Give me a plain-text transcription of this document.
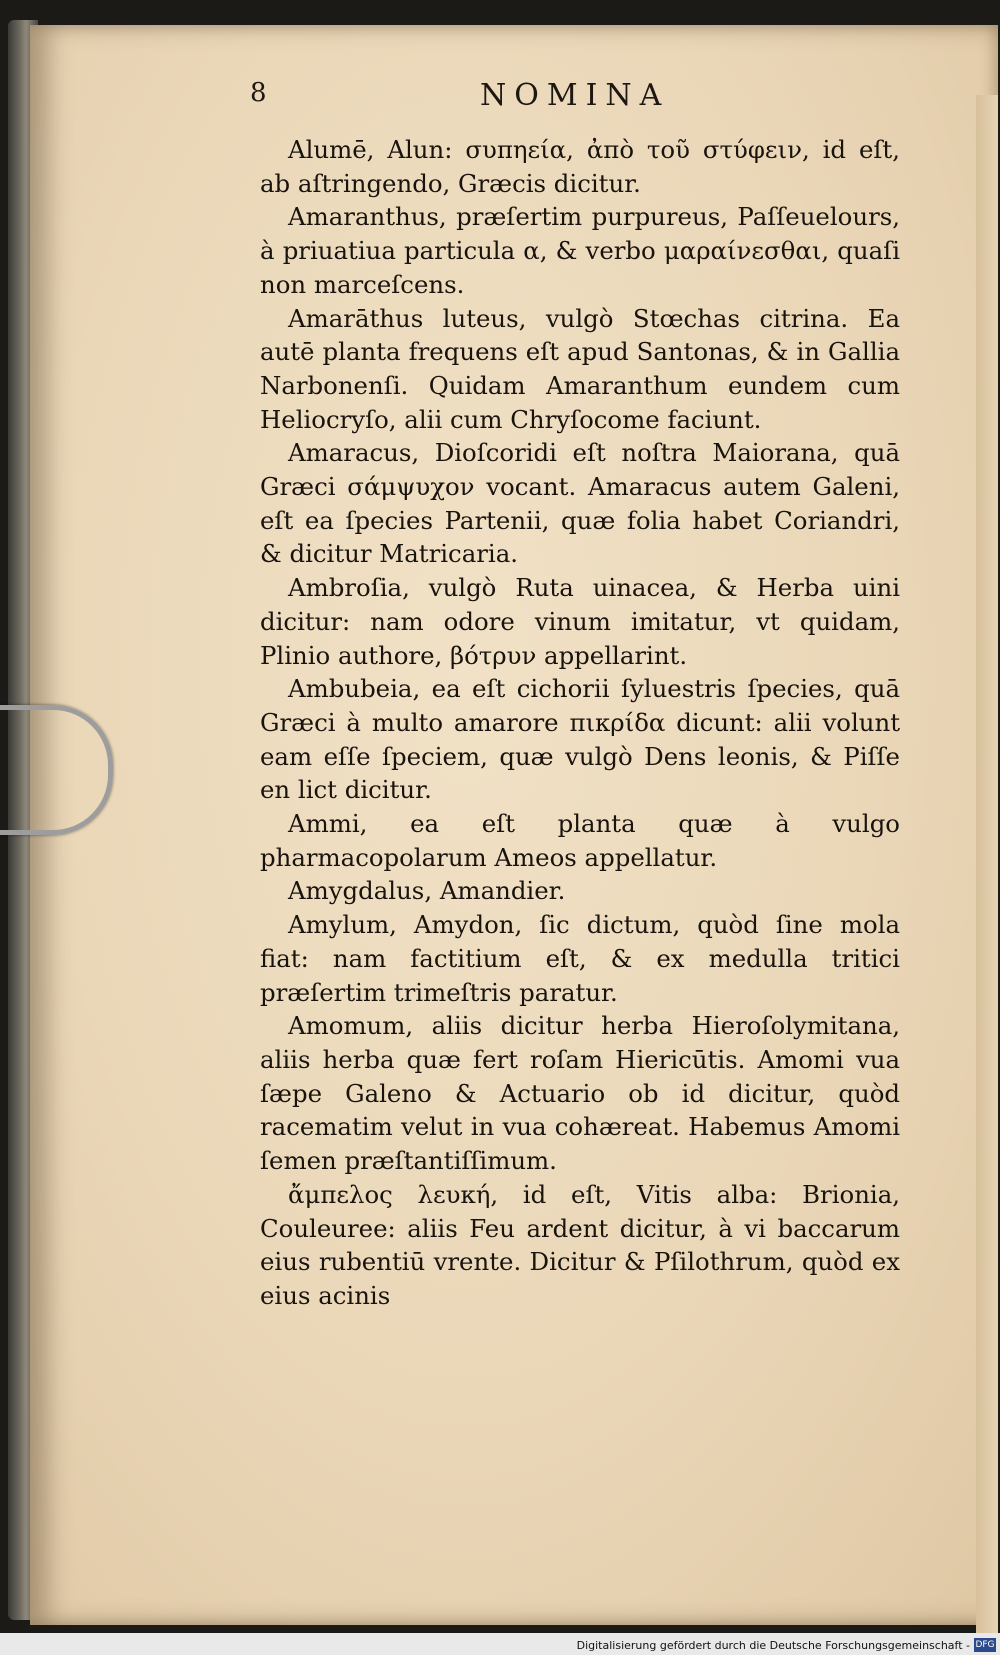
8	NOMINA

Alumē, Alun: συπηεία, ἀπὸ τοῦ στύφειν, id eſt, ab aſtringendo, Græcis dicitur.

Amaranthus, præſertim purpureus, Paſſeuelours, à priuatiua particula α, & verbo μαραίνεσθαι, quaſi non marceſcens.

Amarāthus luteus, vulgò Stœchas citrina. Ea autē planta frequens eſt apud Santonas, & in Gallia Narbonenſi. Quidam Amaranthum eundem cum Heliocryſo, alii cum Chryſocome faciunt.

Amaracus, Dioſcoridi eſt noſtra Maiorana, quā Græci σάμψυχον vocant. Amaracus autem Galeni, eſt ea ſpecies Partenii, quæ folia habet Coriandri, & dicitur Matricaria.

Ambroſia, vulgò Ruta uinacea, & Herba uini dicitur: nam odore vinum imitatur, vt quidam, Plinio authore, βότρυν appellarint.

Ambubeia, ea eſt cichorii ſyluestris ſpecies, quā Græci à multo amarore πικρίδα dicunt: alii volunt eam eſſe ſpeciem, quæ vulgò Dens leonis, & Piſſe en lict dicitur.

Ammi, ea eſt planta quæ à vulgo pharmacopolarum Ameos appellatur.

Amygdalus, Amandier.

Amylum, Amydon, ſic dictum, quòd ſine mola fiat: nam factitium eſt, & ex medulla tritici præſertim trimeſtris paratur.

Amomum, aliis dicitur herba Hieroſolymitana, aliis herba quæ fert roſam Hiericūtis. Amomi vua ſæpe Galeno & Actuario ob id dicitur, quòd racematim velut in vua cohæreat. Habemus Amomi ſemen præſtantiſſimum.

ἄμπελος λευκή, id eſt, Vitis alba: Brionia, Couleuree: aliis Feu ardent dicitur, à vi baccarum eius rubentiū vrente. Dicitur & Pſilothrum, quòd ex eius acinis

Digitalisierung gefördert durch die Deutsche Forschungsgemeinschaft - DFG
